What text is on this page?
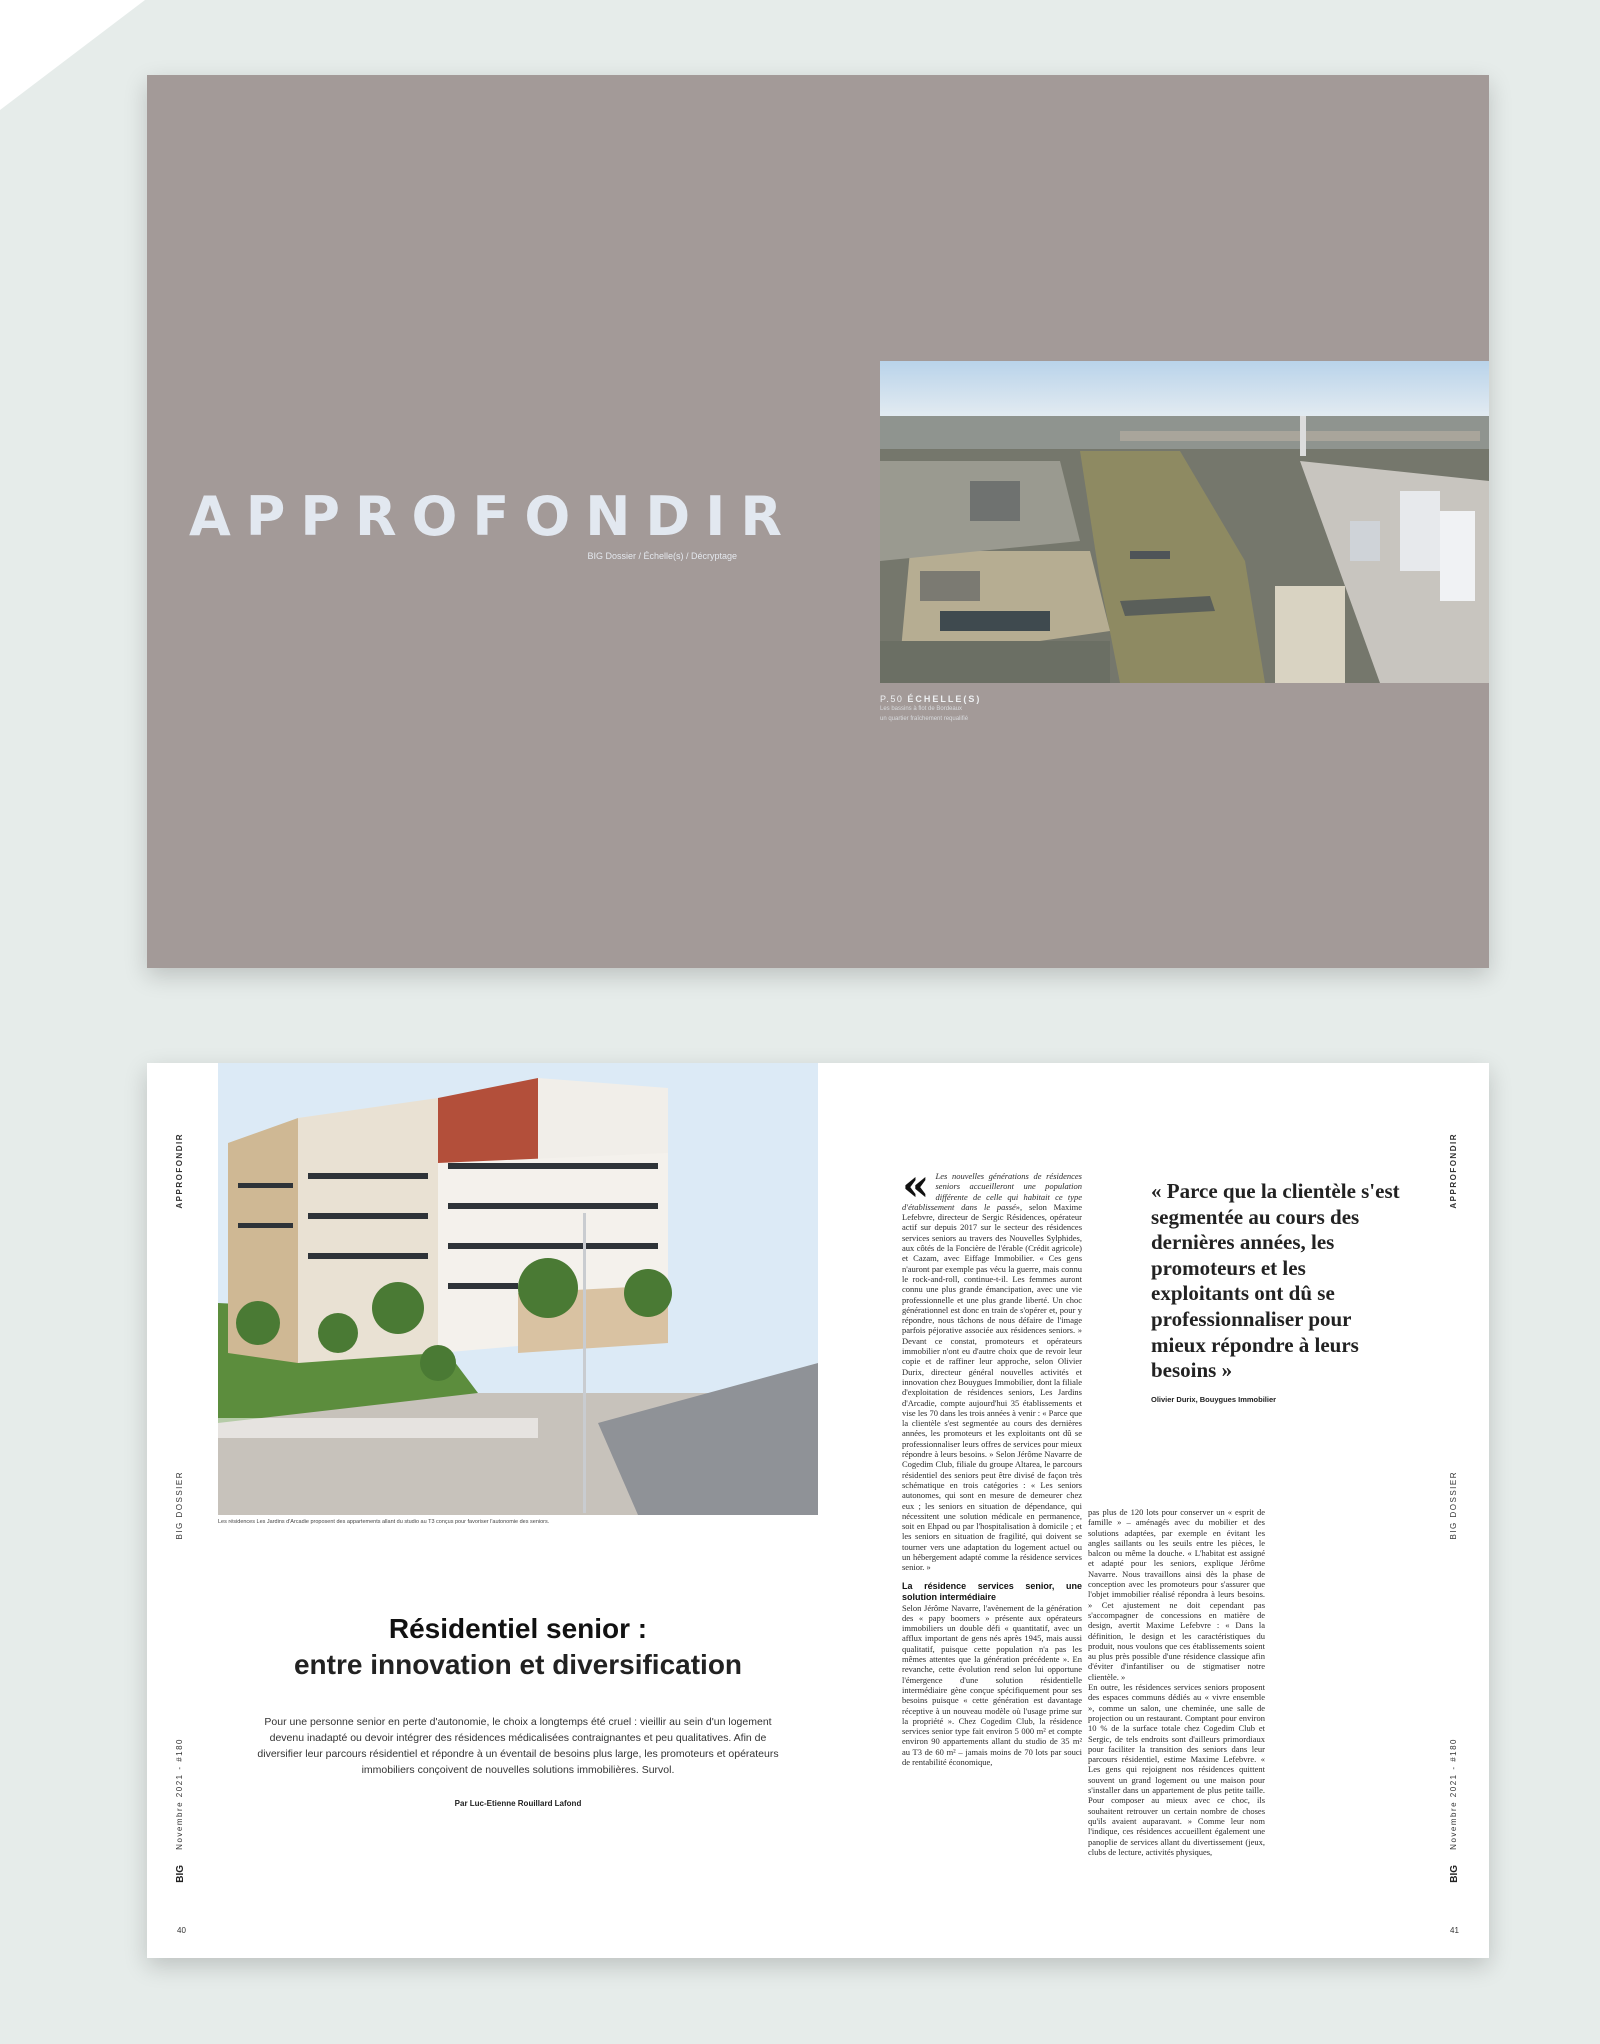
APPROFONDIR
BIG Dossier / Échelle(s) / Décryptage
P.50 ÉCHELLE(S)
Les bassins à flot de Bordeaux
un quartier fraîchement requalifié
APPROFONDIR
BIG DOSSIER
Novembre 2021 - #180
BIG
Les résidences Les Jardins d'Arcadie proposent des appartements allant du studio au T3 conçus pour favoriser l'autonomie des seniors.
Résidentiel senior :
entre innovation et diversification
Pour une personne senior en perte d'autonomie, le choix a longtemps été cruel : vieillir au sein d'un logement devenu inadapté ou devoir intégrer des résidences médicalisées contraignantes et peu qualitatives. Afin de diversifier leur parcours résidentiel et répondre à un éventail de besoins plus large, les promoteurs et opérateurs immobiliers conçoivent de nouvelles solutions immobilières. Survol.
Par Luc-Etienne Rouillard Lafond
40
« Les nouvelles générations de résidences seniors accueilleront une population différente de celle qui habitait ce type d'établissement dans le passé», selon Maxime Lefebvre, directeur de Sergic Résidences, opérateur actif sur depuis 2017 sur le secteur des résidences services seniors au travers des Nouvelles Sylphides, aux côtés de la Foncière de l'érable (Crédit agricole) et Cazam, avec Eiffage Immobilier. « Ces gens n'auront par exemple pas vécu la guerre, mais connu le rock-and-roll, continue-t-il. Les femmes auront connu une plus grande émancipation, avec une vie professionnelle et une plus grande liberté. Un choc générationnel est donc en train de s'opérer et, pour y répondre, nous tâchons de nous défaire de l'image parfois péjorative associée aux résidences seniors. » Devant ce constat, promoteurs et opérateurs immobilier n'ont eu d'autre choix que de revoir leur copie et de raffiner leur approche, selon Olivier Durix, directeur général nouvelles activités et innovation chez Bouygues Immobilier, dont la filiale d'exploitation de résidences seniors, Les Jardins d'Arcadie, compte aujourd'hui 35 établissements et vise les 70 dans les trois années à venir : « Parce que la clientèle s'est segmentée au cours des dernières années, les promoteurs et les exploitants ont dû se professionnaliser leurs offres de services pour mieux répondre à leurs besoins. » Selon Jérôme Navarre de Cogedim Club, filiale du groupe Altarea, le parcours résidentiel des seniors peut être divisé de façon très schématique en trois catégories : « Les seniors autonomes, qui sont en mesure de demeurer chez eux ; les seniors en situation de dépendance, qui nécessitent une solution médicale en permanence, soit en Ehpad ou par l'hospitalisation à domicile ; et les seniors en situation de fragilité, qui doivent se tourner vers une adaptation du logement actuel ou un hébergement adapté comme la résidence services senior. »

La résidence services senior, une solution intermédiaire

Selon Jérôme Navarre, l'avènement de la génération des « papy boomers » présente aux opérateurs immobiliers un double défi « quantitatif, avec un afflux important de gens nés après 1945, mais aussi qualitatif, puisque cette population n'a pas les mêmes attentes que la génération précédente ». En revanche, cette évolution rend selon lui opportune l'émergence d'une solution résidentielle intermédiaire gène conçue spécifiquement pour ses besoins puisque « cette génération est davantage réceptive à un nouveau modèle où l'usage prime sur la propriété ». Chez Cogedim Club, la résidence services senior type fait environ 5 000 m² et compte environ 90 appartements allant du studio de 35 m² au T3 de 60 m² – jamais moins de 70 lots par souci de rentabilité économique,

pas plus de 120 lots pour conserver un « esprit de famille » – aménagés avec du mobilier et des solutions adaptées, par exemple en évitant les angles saillants ou les seuils entre les pièces, le balcon ou même la douche. « L'habitat est assigné et adapté pour les seniors, explique Jérôme Navarre. Nous travaillons ainsi dès la phase de conception avec les promoteurs pour s'assurer que l'objet immobilier réalisé répondra à leurs besoins. » Cet ajustement ne doit cependant pas s'accompagner de concessions en matière de design, avertit Maxime Lefebvre : « Dans la définition, le design et les caractéristiques du produit, nous voulons que ces établissements soient au plus près possible d'une résidence classique afin d'éviter d'infantiliser ou de stigmatiser notre clientèle. »

En outre, les résidences services seniors proposent des espaces communs dédiés au « vivre ensemble », comme un salon, une cheminée, une salle de projection ou un restaurant. Comptant pour environ 10 % de la surface totale chez Cogedim Club et Sergic, de tels endroits sont d'ailleurs primordiaux pour faciliter la transition des seniors dans leur parcours résidentiel, estime Maxime Lefebvre. « Les gens qui rejoignent nos résidences quittent souvent un grand logement ou une maison pour s'installer dans un appartement de plus petite taille. Pour composer au mieux avec ce choc, ils souhaitent retrouver un certain nombre de choses qu'ils avaient auparavant. » Comme leur nom l'indique, ces résidences accueillent également une panoplie de services allant du divertissement (jeux, clubs de lecture, activités physiques,

« Parce que la clientèle s'est segmentée au cours des dernières années, les promoteurs et les exploitants ont dû se professionnaliser pour mieux répondre à leurs besoins »
Olivier Durix, Bouygues Immobilier
APPROFONDIR
BIG DOSSIER
Novembre 2021 - #180
BIG
41
